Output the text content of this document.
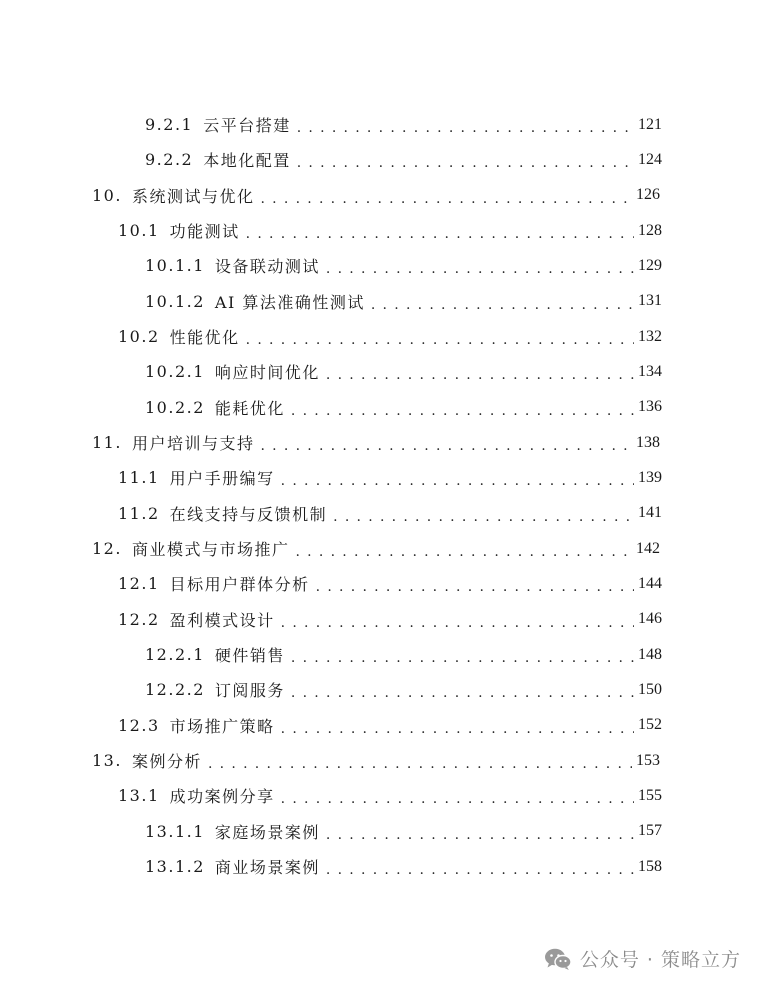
9.2.1 云平台搭建 . . .	121
9.2.2 本地化配置 . . .	124
10. 系统测试与优化 . . .	126
10.1 功能测试 . . .	128
10.1.1 设备联动测试 . . .	129
10.1.2 AI 算法准确性测试 . . .	131
10.2 性能优化 . . .	132
10.2.1 响应时间优化 . . .	134
10.2.2 能耗优化 . . .	136
11. 用户培训与支持 . . .	138
11.1 用户手册编写 . . .	139
11.2 在线支持与反馈机制 . . .	141
12. 商业模式与市场推广 . . .	142
12.1 目标用户群体分析 . . .	144
12.2 盈利模式设计 . . .	146
12.2.1 硬件销售 . . .	148
12.2.2 订阅服务 . . .	150
12.3 市场推广策略 . . .	152
13. 案例分析 . . .	153
13.1 成功案例分享 . . .	155
13.1.1 家庭场景案例 . . .	157
13.1.2 商业场景案例 . . .	158
公众号 · 策略立方
